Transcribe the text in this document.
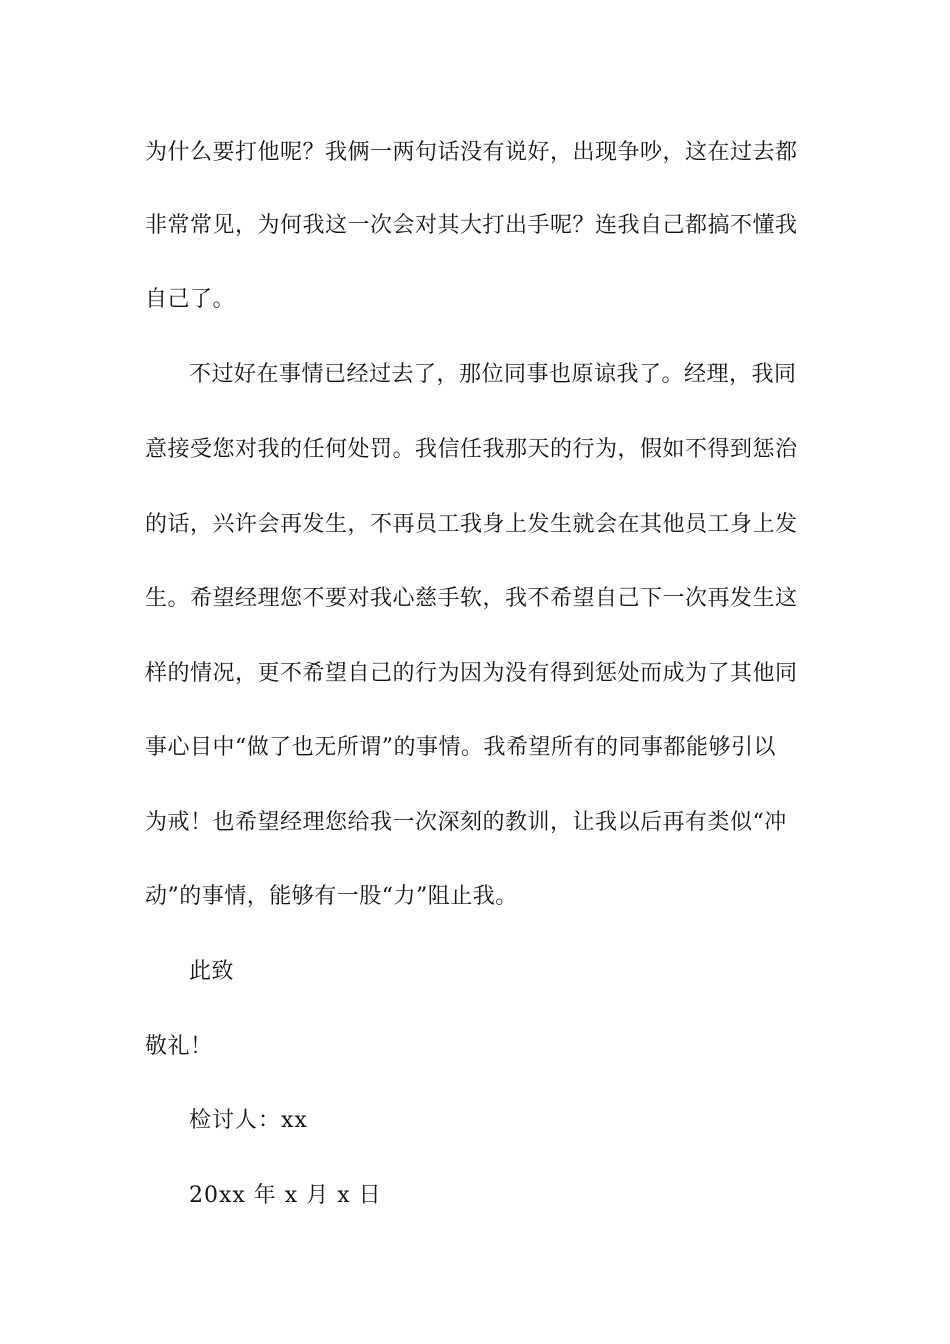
为什么要打他呢？我俩一两句话没有说好，出现争吵，这在过去都
非常常见，为何我这一次会对其大打出手呢？连我自己都搞不懂我
自己了。
不过好在事情已经过去了，那位同事也原谅我了。经理，我同
意接受您对我的任何处罚。我信任我那天的行为，假如不得到惩治
的话，兴许会再发生，不再员工我身上发生就会在其他员工身上发
生。希望经理您不要对我心慈手软，我不希望自己下一次再发生这
样的情况，更不希望自己的行为因为没有得到惩处而成为了其他同
事心目中“做了也无所谓”的事情。我希望所有的同事都能够引以
为戒！也希望经理您给我一次深刻的教训，让我以后再有类似“冲
动”的事情，能够有一股“力”阻止我。
此致
敬礼！
检讨人：xx
20xx 年 x 月 x 日
